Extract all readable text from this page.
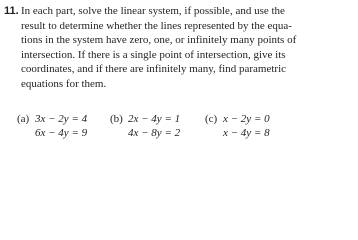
11. In each part, solve the linear system, if possible, and use the
result to determine whether the lines represented by the equa-
tions in the system have zero, one, or infinitely many points of
intersection. If there is a single point of intersection, give its
coordinates, and if there are infinitely many, find parametric
equations for them.
(a) 3x − 2y = 4
6x − 4y = 9
(b) 2x − 4y = 1
4x − 8y = 2
(c) x − 2y = 0
x − 4y = 8
